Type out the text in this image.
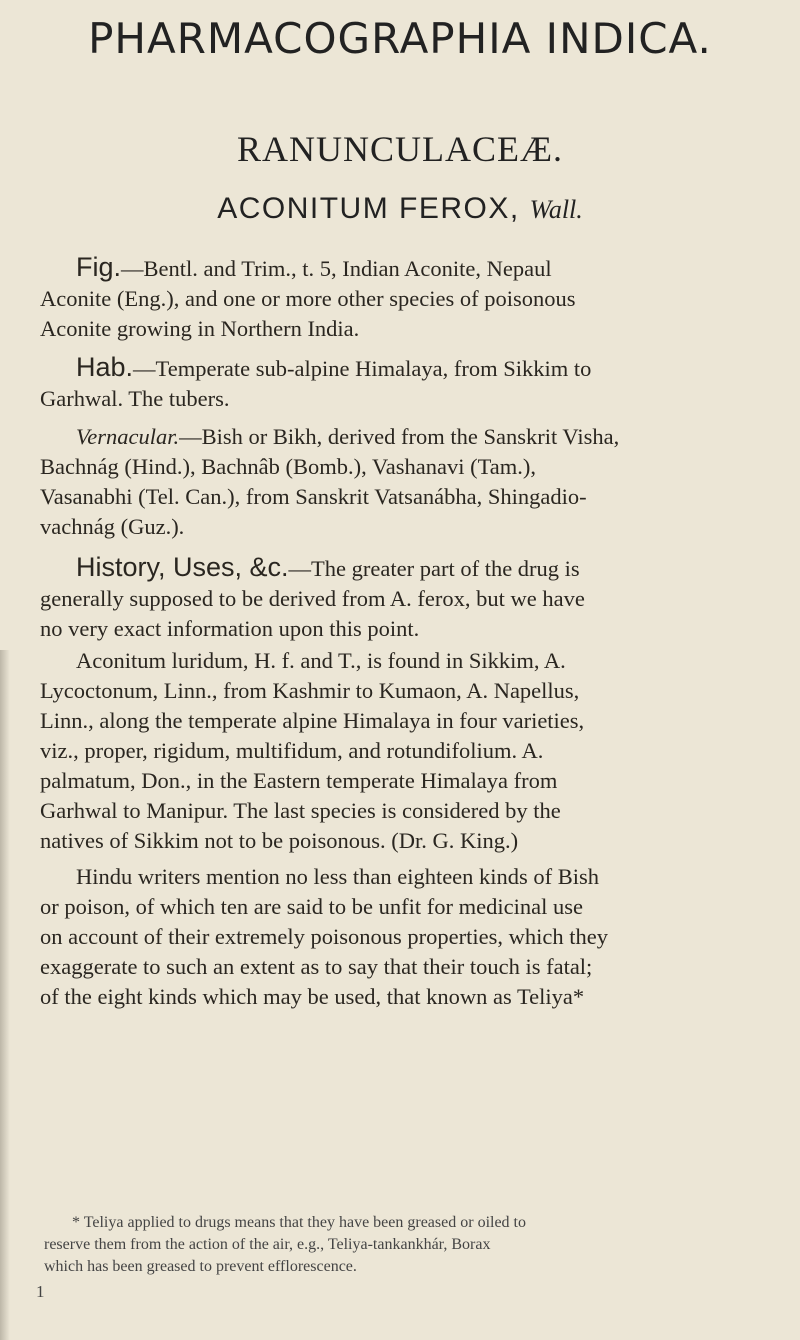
PHARMACOGRAPHIA INDICA.
RANUNCULACEÆ.
ACONITUM FEROX, Wall.
Fig.—Bentl. and Trim., t. 5, Indian Aconite, Nepaul
Aconite (Eng.), and one or more other species of poisonous
Aconite growing in Northern India.
Hab.—Temperate sub-alpine Himalaya, from Sikkim to
Garhwal. The tubers.
Vernacular.—Bish or Bikh, derived from the Sanskrit Visha,
Bachnág (Hind.), Bachnâb (Bomb.), Vashanavi (Tam.),
Vasanabhi (Tel. Can.), from Sanskrit Vatsanábha, Shingadio-
vachnág (Guz.).
History, Uses, &c.—The greater part of the drug is
generally supposed to be derived from A. ferox, but we have
no very exact information upon this point.
Aconitum luridum, H. f. and T., is found in Sikkim, A.
Lycoctonum, Linn., from Kashmir to Kumaon, A. Napellus,
Linn., along the temperate alpine Himalaya in four varieties,
viz., proper, rigidum, multifidum, and rotundifolium. A.
palmatum, Don., in the Eastern temperate Himalaya from
Garhwal to Manipur. The last species is considered by the
natives of Sikkim not to be poisonous. (Dr. G. King.)
Hindu writers mention no less than eighteen kinds of Bish
or poison, of which ten are said to be unfit for medicinal use
on account of their extremely poisonous properties, which they
exaggerate to such an extent as to say that their touch is fatal;
of the eight kinds which may be used, that known as Teliya*
* Teliya applied to drugs means that they have been greased or oiled to
reserve them from the action of the air, e.g., Teliya-tankankhár, Borax
which has been greased to prevent efflorescence.
1
